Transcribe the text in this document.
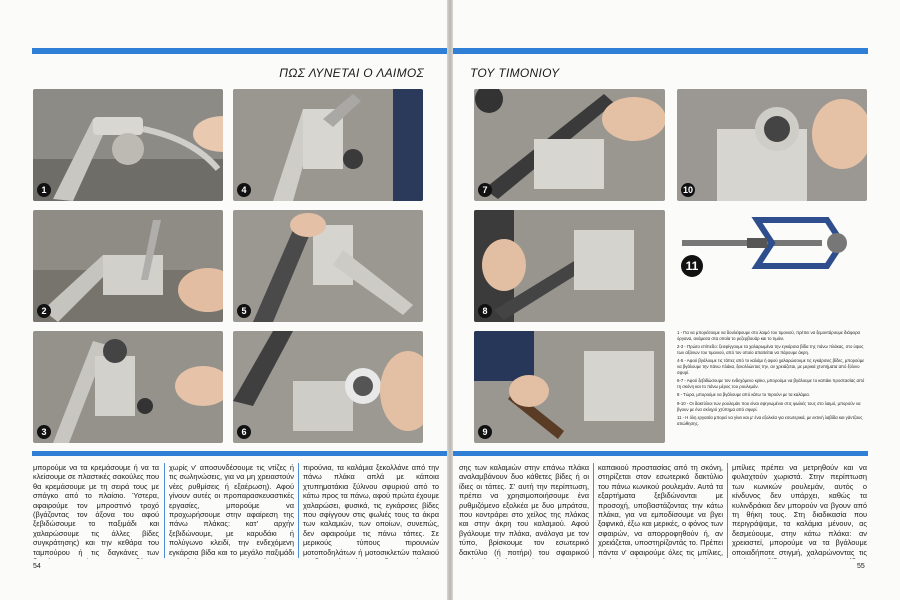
ΠΩΣ ΛΥΝΕΤΑΙ Ο ΛΑΙΜΟΣ	ΤΟΥ ΤΙΜΟΝΙΟΥ
1	4
2	5
3	6
7	10
8
11
9

1 - Για να μπορέσουμε να δουλέψουμε στο λαιμό του τιμονιού, πρέπει να ξεμοντάρουμε διάφορα όργανα, ανάμεσα στα οποία το ρεζερβουάρ και το τιμόνι.

2-3 - Πρώτο επίπεδο: ξεσφίγγουμε τα χαλαρωμένα την εγκάρσια βίδα της πάνω πλάκας, στο ύψος των αξόνων του τιμονιού, από τον οποίο απαιτείται να πάρουμε άκρη.

4-5 - Αφού βγάλουμε τις τάπες από το καλάμι ή αφού χαλαρώσουμε τις εγκάρσιες βίδες, μπορούμε να βγάλουμε την πάνω πλάκα, ξεκολλώντας την, αν χρειάζεται, με μερικά χτυπήματα από ξύλινο σφυρί.

6-7 - Αφού ξεβιδώσουμε τον ενδεχόμενο κρίκο, μπορούμε να βγάλουμε το καπάκι προστασίας από τη σκόνη και το πάνω μέρος του ρουλεμάν.

8 - Τώρα, μπορούμε να βγάλουμε από κάτω το πιρούνι με τα καλάμια.

9-10 - Οι δακτύλιοι των ρουλεμάν που είναι σφηνωμένοι στις φωλιές τους στο λαιμό, μπορούν να βγουν με ένα σκληρό χτύπημα από σφυρί.

11 - Η όλη εργασία μπορεί να γίνει και μ' ένα εξολκέα για εσωτερικά, με εκτινή λαβίδα και γάντζους απώθησης.

μπορούμε να τα κρεμάσουμε ή να τα κλείσουμε σε πλαστικές σακούλες που θα κρεμάσουμε με τη σειρά τους με σπάγκο από το πλαίσιο. Ύστερα, αφαιρούμε τον μπροστινό τροχό (βγάζοντας τον άξονα του αφού ξεβιδώσουμε το παξιμάδι και χαλαρώσουμε τις άλλες βίδες συγκράτησης) και την κεθάρα του ταμπούρου ή τις δαγκάνες των

χωρίς ν' αποσυνδέσουμε τις ντίζες ή τις σωληνώσεις, για να μη χρειαστούν νέες ρυθμίσεις ή εξαέρωση). Αφού γίνουν αυτές οι προπαρασκευαστικές εργασίες, μπορούμε να προχωρήσουμε στην αφαίρεση της πάνω πλάκας: κατ' αρχήν ξεβιδώνουμε, με καρυδάκι ή πολύγωνο κλειδί, την ενδεχόμενη εγκάρσια βίδα και το μεγάλο παξιμάδι

πιρούνια, τα καλάμια ξεκολλάνε από την πάνω πλάκα απλά με κάποια χτυπηματάκια ξύλινου σφυριού από το κάτω προς τα πάνω, αφού πρώτα έχουμε χαλαρώσει, φυσικά, τις εγκάρσιες βίδες που σφίγγουν στις φωλιές τους τα άκρα των καλαμιών, των οποίων, συνεπώς, δεν αφαιρούμε τις πάνω τάπες. Σε μερικούς τύπους πιρουνιών μοτοποδηλάτων ή μοτοσικλετών παλαιού

σης των καλαμιών στην επάνω πλάκα αναλαμβάνουν δυο κάθετες βίδες ή οι ίδιες οι τάπες. Σ' αυτή την περίπτωση, πρέπει να χρησιμοποιήσουμε ένα ρυθμιζόμενο εξολκέα με δυο μπράτσα, που κοντράρει στο χείλος της πλάκας και στην άκρη του καλαμιού. Αφού βγάλουμε την πλάκα, ανάλογα με τον τύπο, βρίσκουμε τον εσωτερικό δακτύλιο (ή ποτήρι) του σφαιρικού

καπακιού προστασίας από τη σκόνη, στηρίζεται στον εσωτερικό δακτύλιο του πάνω κωνικού ρουλεμάν. Αυτά τα εξαρτήματα ξεβιδώνονται με προσοχή, υποβαστάζοντας την κάτω πλάκα, για να εμποδίσουμε να βγει ξαφνικά, έξω και μερικές, ο φόνος των σφαιρών, να απορροφηθούν ή, αν χρειάζεται, υποστηρίζοντάς το. Πρέπει πάντα ν' αφαιρούμε όλες τις μπίλιες,

μπίλιες πρέπει να μετρηθούν και να φυλαχτούν χωριστά. Στην περίπτωση των κωνικών ρουλεμάν, αυτός ο κίνδυνος δεν υπάρχει, καθώς τα κυλινδράκια δεν μπορούν να βγουν από τη θήκη τους. Στη διαδικασία που περιγράψαμε, τα καλάμια μένουν, ας δεσμεύουμε, στην κάτω πλάκα: αν χρειαστεί, μπορούμε να τα βγάλουμε οποιαδήποτε στιγμή, χαλαρώνοντας τις

54	55
